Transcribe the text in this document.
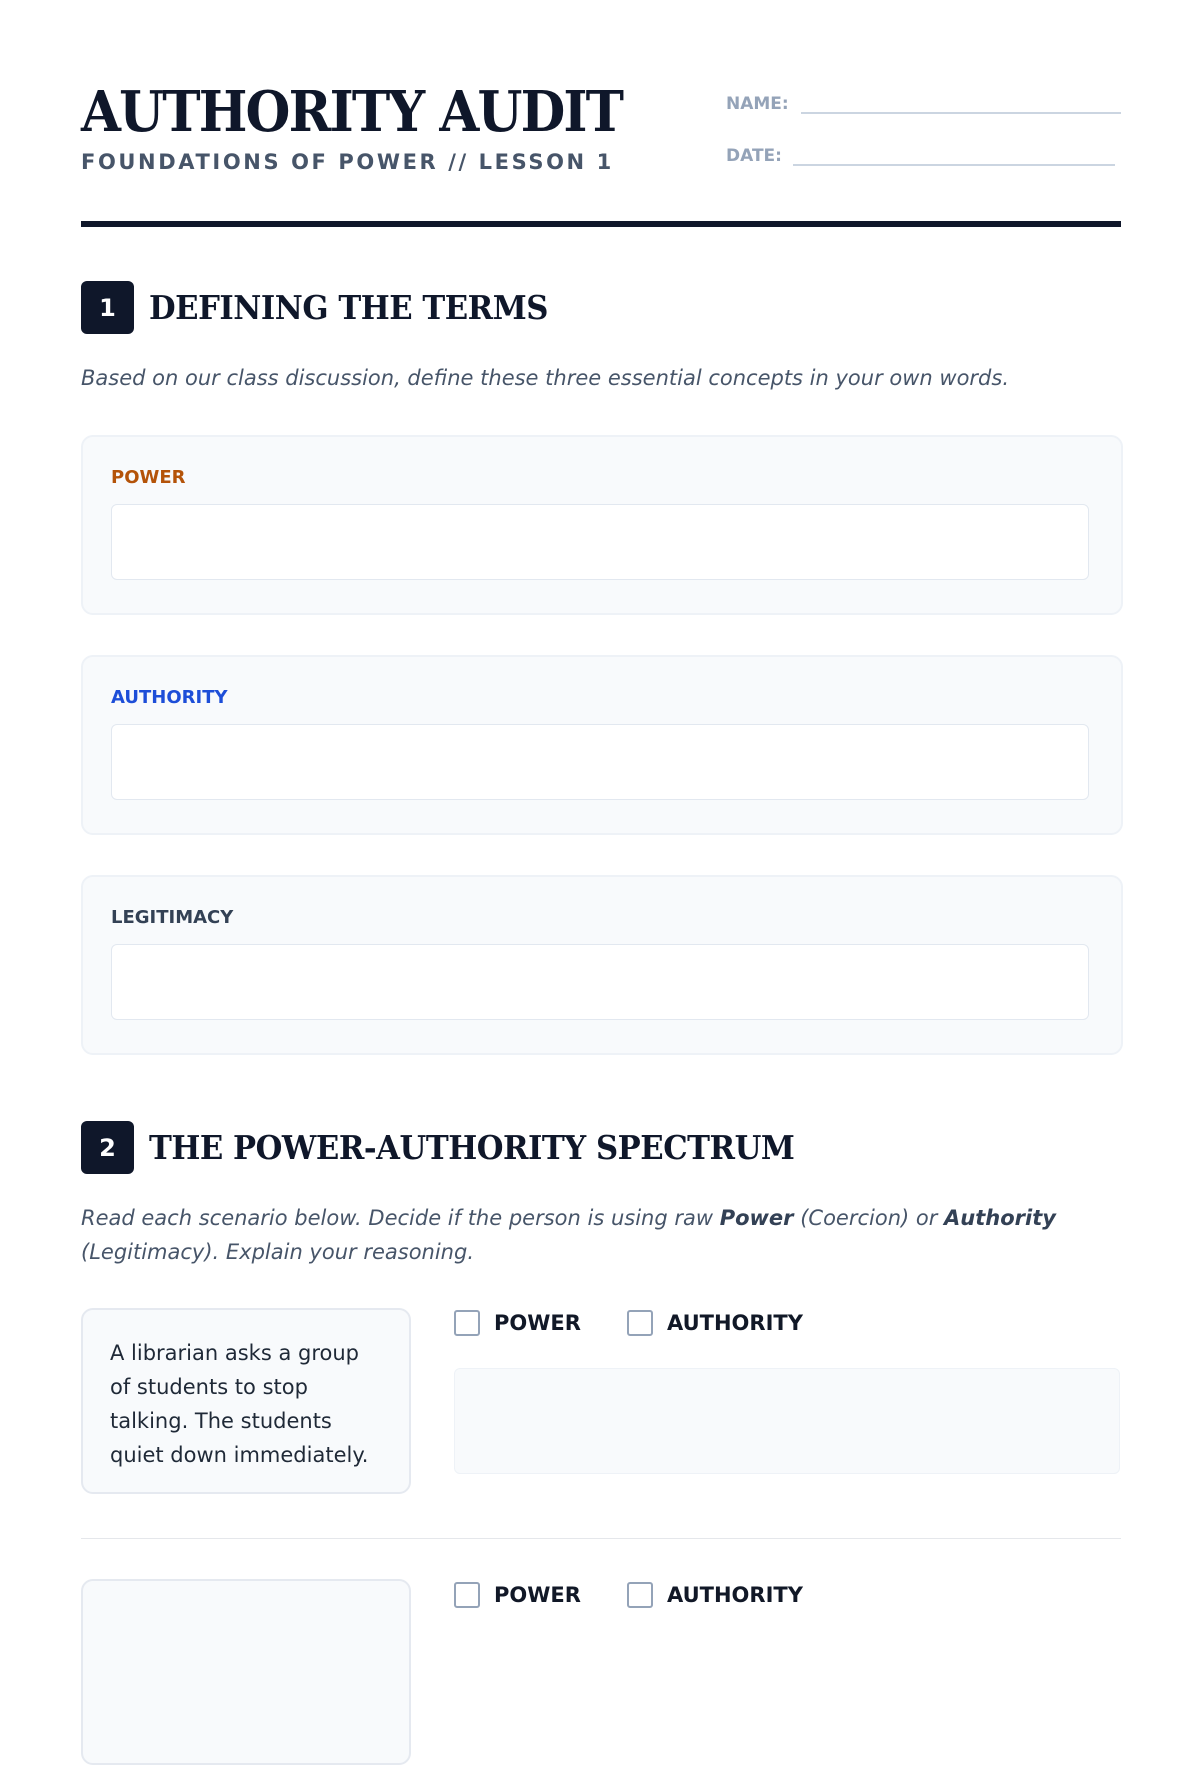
AUTHORITY AUDIT
FOUNDATIONS OF POWER // LESSON 1
NAME:
DATE:
1	DEFINING THE TERMS

Based on our class discussion, define these three essential concepts in your own words.

POWER
AUTHORITY
LEGITIMACY
2	THE POWER-AUTHORITY SPECTRUM

Read each scenario below. Decide if the person is using raw Power (Coercion) or Authority (Legitimacy). Explain your reasoning.

A librarian asks a group of students to stop talking. The students quiet down immediately.

POWER	AUTHORITY

POWER	AUTHORITY
